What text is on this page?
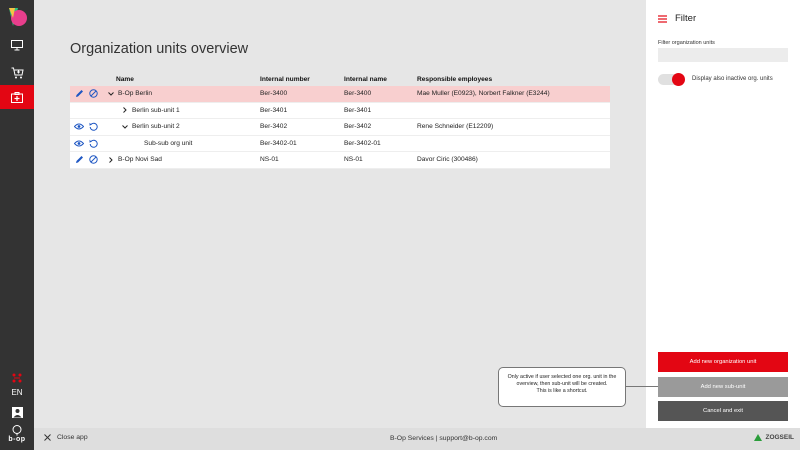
EN
b-op
Organization units overview
Name	Internal number	Internal name	Responsible employees
B-Op Berlin	Ber-3400	Ber-3400	Mae Muller (E0923), Norbert Falkner (E3244)
Berlin sub-unit 1	Ber-3401	Ber-3401
Berlin sub-unit 2	Ber-3402	Ber-3402	Rene Schneider (E12209)
Sub-sub org unit	Ber-3402-01	Ber-3402-01
B-Op Novi Sad	NS-01	NS-01	Davor Ciric (300486)
Filter
Filter organization units
Display also inactive org. units
Add new organization unit
Add new sub-unit
Cancel and exit
Only active if user selected one org. unit in the
overview, then sub-unit will be created.
This is like a shortcut.
Close app	B-Op Services | support@b-op.com	ZOGSEIL
